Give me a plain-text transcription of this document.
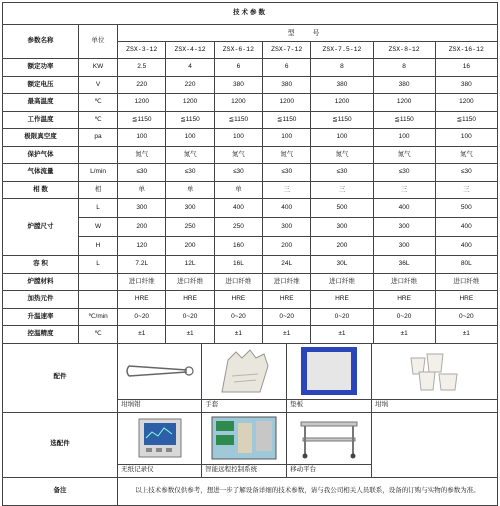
技术参数								
参数名称	单位	型 号						
		ZSX-3-12	ZSX-4-12	ZSX-6-12	ZSX-7-12	ZSX-7.5-12	ZSX-8-12	ZSX-16-12
额定功率	KW	2.5	4	6	6	8	8	16
额定电压	V	220	220	380	380	380	380	380
最高温度	℃	1200	1200	1200	1200	1200	1200	1200
工作温度	℃	≦1150	≦1150	≦1150	≦1150	≦1150	≦1150	≦1150
极限真空度	pa	100	100	100	100	100	100	100
保护气体		氮气	氮气	氮气	氮气	氮气	氮气	氮气
气体流量	L/min	≤30	≤30	≤30	≤30	≤30	≤30	≤30
相 数	相	单	单	单	三	三	三	三
炉膛尺寸	L	300	300	400	400	500	400	500
	W	200	250	250	300	300	300	400
	H	120	200	160	200	200	300	400
容 积	L	7.2L	12L	16L	24L	30L	36L	80L
炉膛材料		进口纤维	进口纤维	进口纤维	进口纤维	进口纤维	进口纤维	进口纤维
加热元件		HRE	HRE	HRE	HRE	HRE	HRE	HRE
升温速率	℃/min	0~20	0~20	0~20	0~20	0~20	0~20	0~20
控温精度	℃	±1	±1	±1	±1	±1	±1	±1
配件		坩埚钳 手套 垫板 坩埚						

选配件		无纸记录仪 智能远程控制系统 移动平台						

备注		以上技术参数仅供参考，想进一步了解设备详细的技术参数，请与我公司相关人员联系，设备的订购与实物的参数为准。						
